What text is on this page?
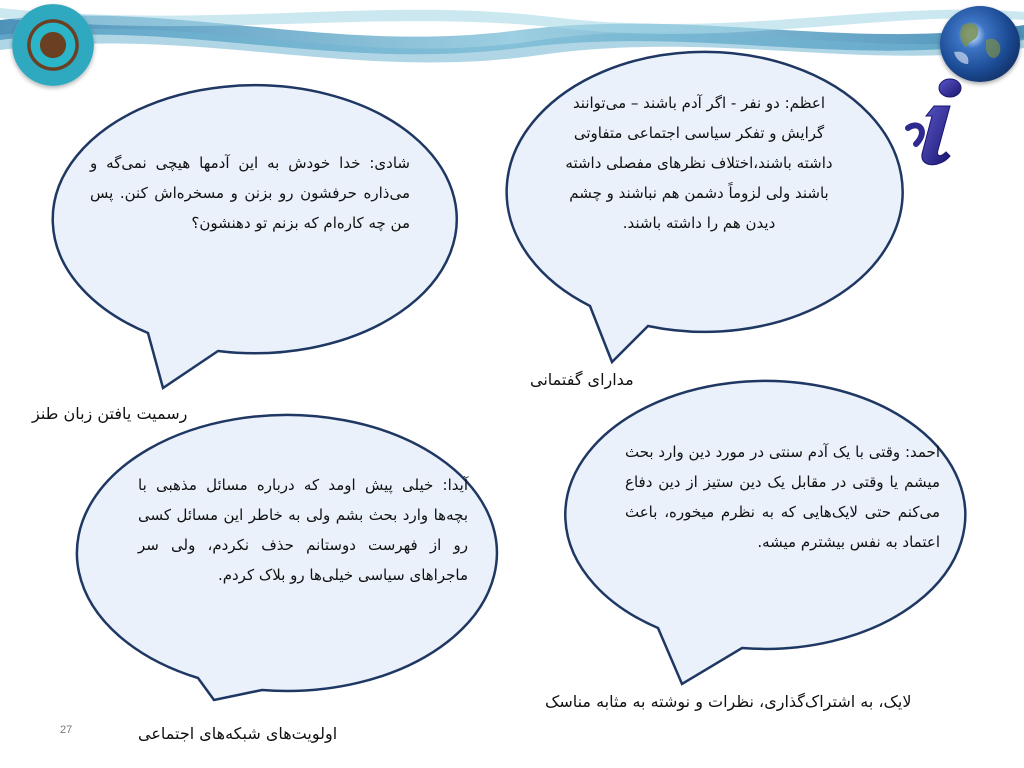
شادی: خدا خودش به این آدمها هیچی نمی‌گه و می‌ذاره حرفشون رو بزنن و مسخره‌اش کنن. پس من چه کاره‌ام که بزنم تو دهنشون؟
اعظم: دو نفر - اگر آدم باشند – می‌توانند گرایش و تفکر سیاسی اجتماعی متفاوتی داشته باشند،اختلاف نظرهای مفصلی داشته باشند ولی لزوماً دشمن هم نباشند و چشم دیدن هم را داشته باشند.
آیدا: خیلی پیش اومد که درباره مسائل مذهبی با بچه‌ها وارد بحث بشم ولی به خاطر این مسائل کسی رو از فهرست دوستانم حذف نکردم، ولی سر ماجراهای سیاسی خیلی‌ها رو بلاک کردم.
احمد: وقتی با یک آدم سنتی در مورد دین وارد بحث میشم یا وقتی در مقابل یک دین ستیز از دین دفاع می‌کنم حتی لایک‌هایی که به نظرم میخوره، باعث اعتماد به نفس بیشترم میشه.
رسمیت یافتن زبان طنز
مدارای گفتمانی
اولویت‌های شبکه‌های اجتماعی
لایک، به اشتراک‌گذاری، نظرات و نوشته به مثابه مناسک
27
